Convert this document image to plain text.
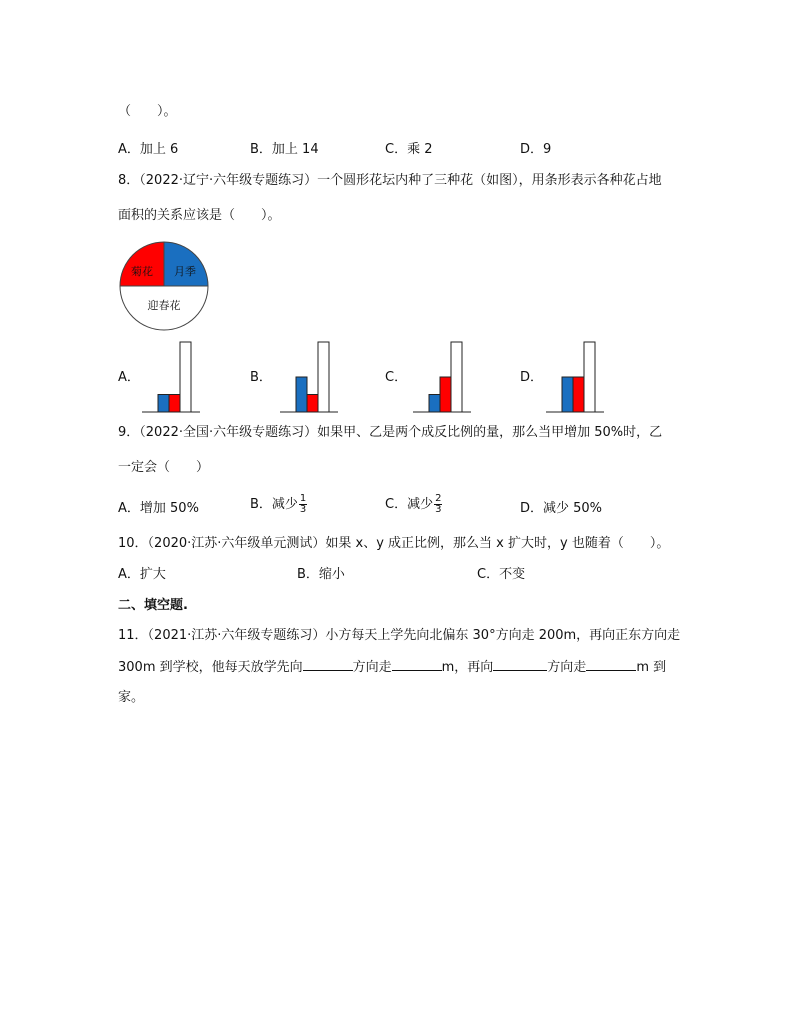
（　　）。
A．加上 6	B．加上 14	C．乘 2	D．9
8．（2022·辽宁·六年级专题练习）一个圆形花坛内种了三种花（如图），用条形表示各种花占地
面积的关系应该是（　　）。
菊花 月季
迎春花
A．	B．	C．	D．
9．（2022·全国·六年级专题练习）如果甲、乙是两个成反比例的量，那么当甲增加 50%时，乙
一定会（　　）
A．增加 50%	B．减少 $\frac{1}{3}$	C．减少 $\frac{2}{3}$	D．减少 50%
10．（2020·江苏·六年级单元测试）如果 x、y 成正比例，那么当 x 扩大时，y 也随着（　　）。
A．扩大	B．缩小	C．不变
二、填空题.
11．（2021·江苏·六年级专题练习）小方每天上学先向北偏东 30°方向走 200m，再向正东方向走
300m 到学校，他每天放学先向	方向走	m，再向	方向走	m 到
家。
